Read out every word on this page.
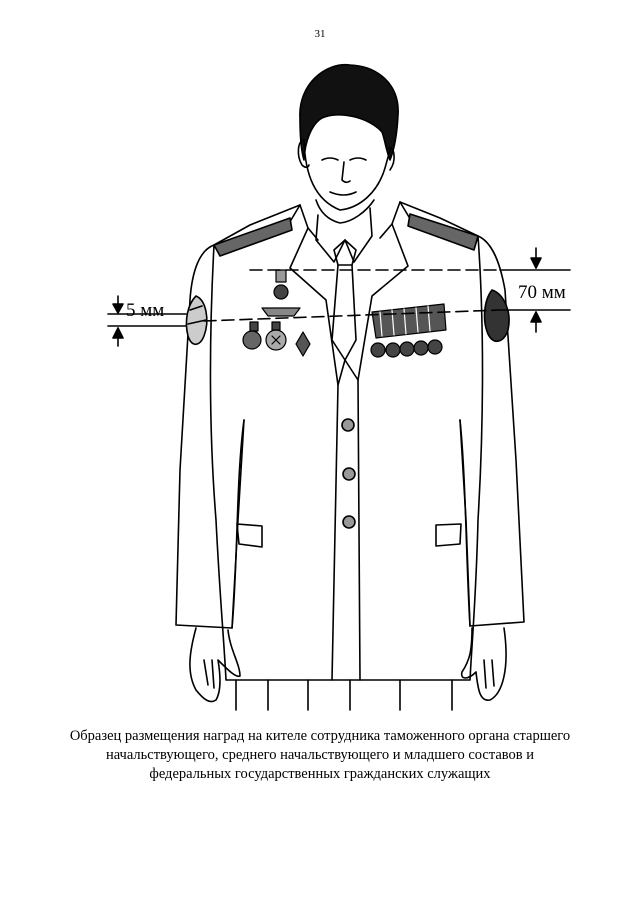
31
5 мм
70 мм
Образец размещения наград на кителе сотрудника таможенного органа старшего
начальствующего, среднего начальствующего и младшего составов и
федеральных государственных гражданских служащих
